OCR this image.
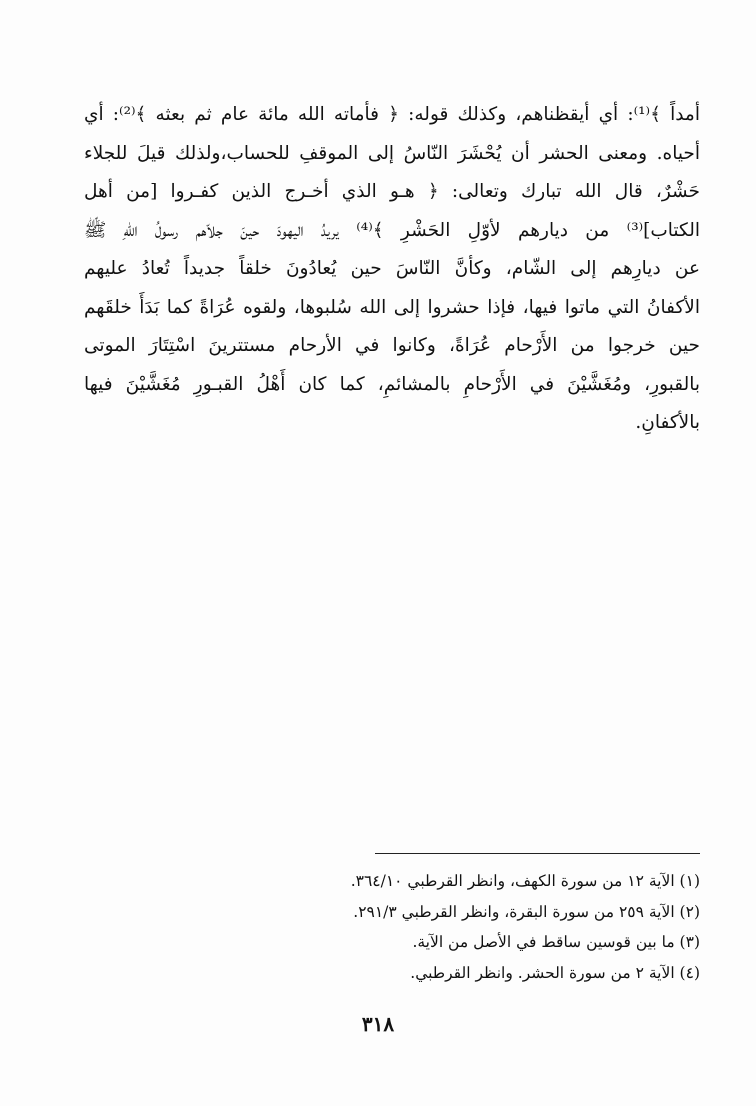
أمداً ﴾⁽¹⁾: أي أيقظناهم، وكذلك قوله: ﴿ فأماته الله مائة عام ثم بعثه ﴾⁽²⁾: أي
أحياه. ومعنى الحشر أن يُحْشَرَ النّاسُ إلى الموقفِ للحساب،ولذلك قيلَ للجلاء
حَشْرٌ، قال الله تبارك وتعالى: ﴿ هـو الذي أخـرج الذين كفـروا [من أهل
الكتاب]⁽³⁾ من ديارهم لأوّلِ الحَشْرِ ﴾⁽⁴⁾ يريدُ اليهودَ حينَ جلاّهم رسولُ اللهِ ﷺ
عن ديارِهم إلى الشّام، وكأنَّ النّاسَ حين يُعادُونَ خلقاً جديداً تُعادُ عليهم
الأكفانُ التي ماتوا فيها، فإذا حشروا إلى الله سُلبوها، ولقوه عُرَاةً كما بَدَأَ خلقَهم
حين خرجوا من الأَرْحام عُرَاةً، وكانوا في الأرحام مستترينَ اسْتِتَارَ الموتى
بالقبورِ، ومُغَشَّيْنَ في الأَرْحامِ بالمشائمِ، كما كان أَهْلُ القبـورِ مُغَشَّيْنَ فيها
بالأكفانِ.
(١) الآية ١٢ من سورة الكهف، وانظر القرطبي ٣٦٤/١٠.
(٢) الآية ٢٥٩ من سورة البقرة، وانظر القرطبي ٢٩١/٣.
(٣) ما بين قوسين ساقط في الأصل من الآية.
(٤) الآية ٢ من سورة الحشر. وانظر القرطبي.
٣١٨
